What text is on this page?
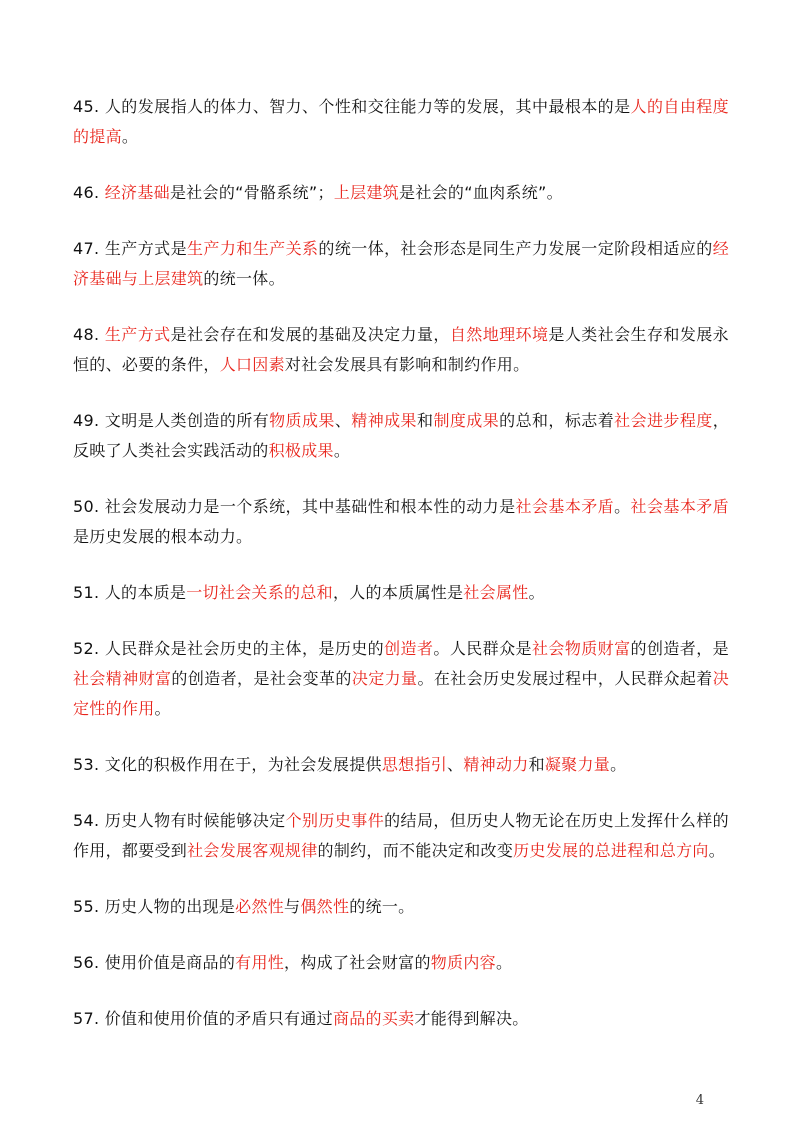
45. 人的发展指人的体力、智力、个性和交往能力等的发展，其中最根本的是人的自由程度的提高。

46. 经济基础是社会的“骨骼系统”；上层建筑是社会的“血肉系统”。

47. 生产方式是生产力和生产关系的统一体，社会形态是同生产力发展一定阶段相适应的经济基础与上层建筑的统一体。

48. 生产方式是社会存在和发展的基础及决定力量，自然地理环境是人类社会生存和发展永恒的、必要的条件，人口因素对社会发展具有影响和制约作用。

49. 文明是人类创造的所有物质成果、精神成果和制度成果的总和，标志着社会进步程度，反映了人类社会实践活动的积极成果。

50. 社会发展动力是一个系统，其中基础性和根本性的动力是社会基本矛盾。社会基本矛盾是历史发展的根本动力。

51. 人的本质是一切社会关系的总和，人的本质属性是社会属性。

52. 人民群众是社会历史的主体，是历史的创造者。人民群众是社会物质财富的创造者，是社会精神财富的创造者，是社会变革的决定力量。在社会历史发展过程中，人民群众起着决定性的作用。

53. 文化的积极作用在于，为社会发展提供思想指引、精神动力和凝聚力量。

54. 历史人物有时候能够决定个别历史事件的结局，但历史人物无论在历史上发挥什么样的作用，都要受到社会发展客观规律的制约，而不能决定和改变历史发展的总进程和总方向。

55. 历史人物的出现是必然性与偶然性的统一。

56. 使用价值是商品的有用性，构成了社会财富的物质内容。

57. 价值和使用价值的矛盾只有通过商品的买卖才能得到解决。

4
